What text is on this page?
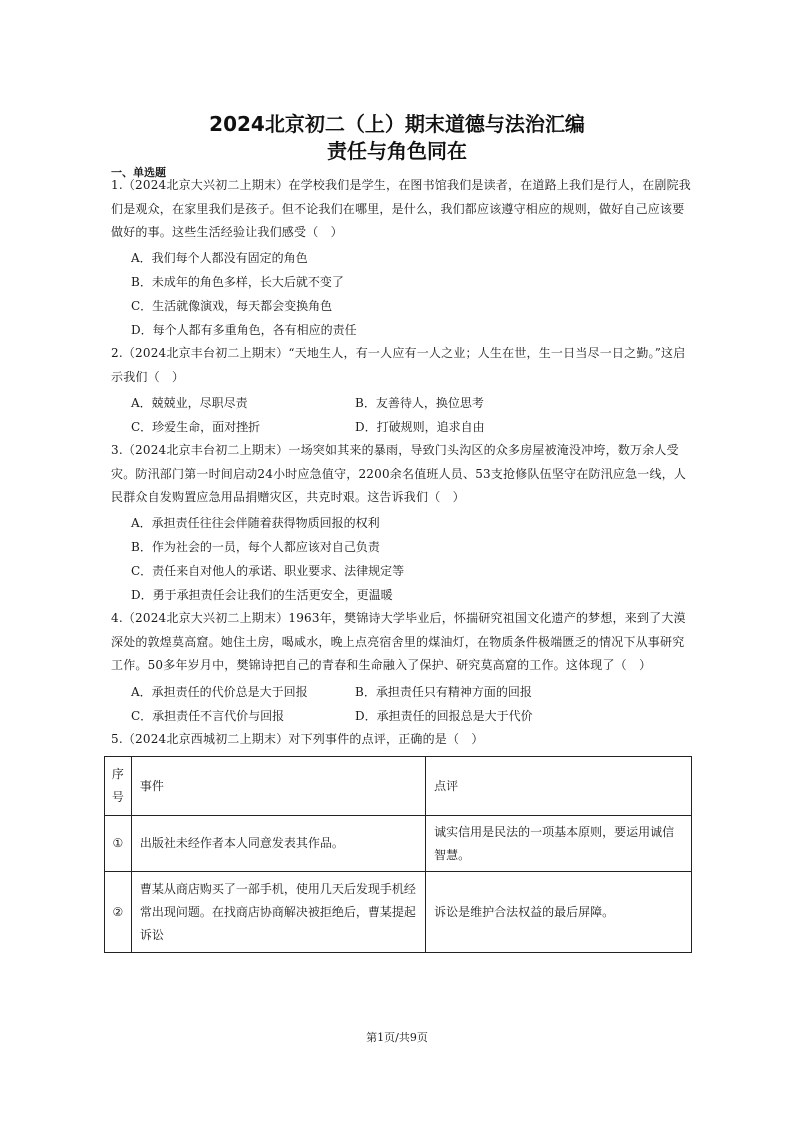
2024北京初二（上）期末道德与法治汇编
责任与角色同在
一、单选题
1.（2024北京大兴初二上期末）在学校我们是学生，在图书馆我们是读者，在道路上我们是行人，在剧院我们是观众，在家里我们是孩子。但不论我们在哪里，是什么，我们都应该遵守相应的规则，做好自己应该要做好的事。这些生活经验让我们感受（　）
A．我们每个人都没有固定的角色
B．未成年的角色多样，长大后就不变了
C．生活就像演戏，每天都会变换角色
D．每个人都有多重角色，各有相应的责任
2.（2024北京丰台初二上期末）“天地生人，有一人应有一人之业；人生在世，生一日当尽一日之勤。”这启示我们（　）
A．兢兢业，尽职尽责	B．友善待人，换位思考
C．珍爱生命，面对挫折	D．打破规则，追求自由
3.（2024北京丰台初二上期末）一场突如其来的暴雨，导致门头沟区的众多房屋被淹没冲垮，数万余人受灾。防汛部门第一时间启动24小时应急值守，2200余名值班人员、53支抢修队伍坚守在防汛应急一线，人民群众自发购置应急用品捐赠灾区，共克时艰。这告诉我们（　）
A．承担责任往往会伴随着获得物质回报的权利
B．作为社会的一员，每个人都应该对自己负责
C．责任来自对他人的承诺、职业要求、法律规定等
D．勇于承担责任会让我们的生活更安全，更温暖
4.（2024北京大兴初二上期末）1963年，樊锦诗大学毕业后，怀揣研究祖国文化遗产的梦想，来到了大漠深处的敦煌莫高窟。她住土房，喝咸水，晚上点亮宿舍里的煤油灯，在物质条件极端匮乏的情况下从事研究工作。50多年岁月中，樊锦诗把自己的青春和生命融入了保护、研究莫高窟的工作。这体现了（　）
A．承担责任的代价总是大于回报	B．承担责任只有精神方面的回报
C．承担责任不言代价与回报	D．承担责任的回报总是大于代价
5.（2024北京西城初二上期末）对下列事件的点评，正确的是（　）
序号	事件	点评
①	出版社未经作者本人同意发表其作品。	诚实信用是民法的一项基本原则，要运用诚信智慧。
②	曹某从商店购买了一部手机，使用几天后发现手机经常出现问题。在找商店协商解决被拒绝后，曹某提起诉讼	诉讼是维护合法权益的最后屏障。
第1页/共9页
